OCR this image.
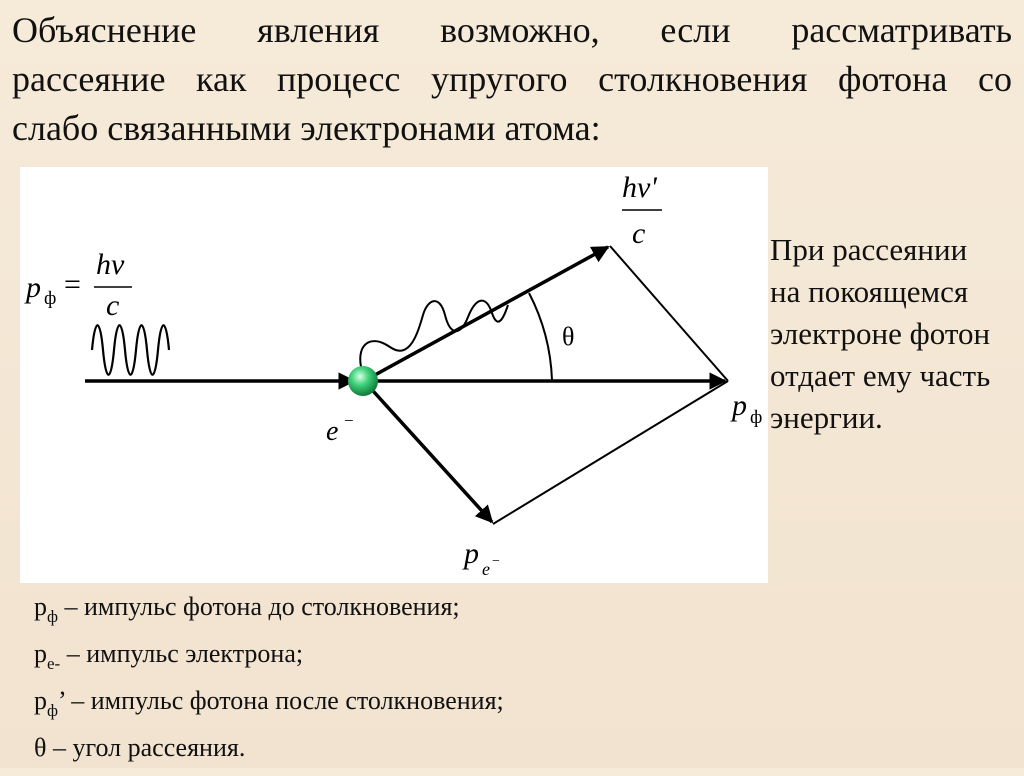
Объяснение явления возможно, если рассматривать
рассеяние как процесс упругого столкновения фотона со
слабо связанными электронами атома:
p ф =
hν
c
hν'
c
θ
e −	p ф
p e −
При рассеянии
на покоящемся
электроне фотон
отдает ему часть
энергии.
$p_ф$ – импульс фотона до столкновения;
$p_{e-}$ – импульс электрона;
$p_ф$’ – импульс фотона после столкновения;
θ – угол рассеяния.
